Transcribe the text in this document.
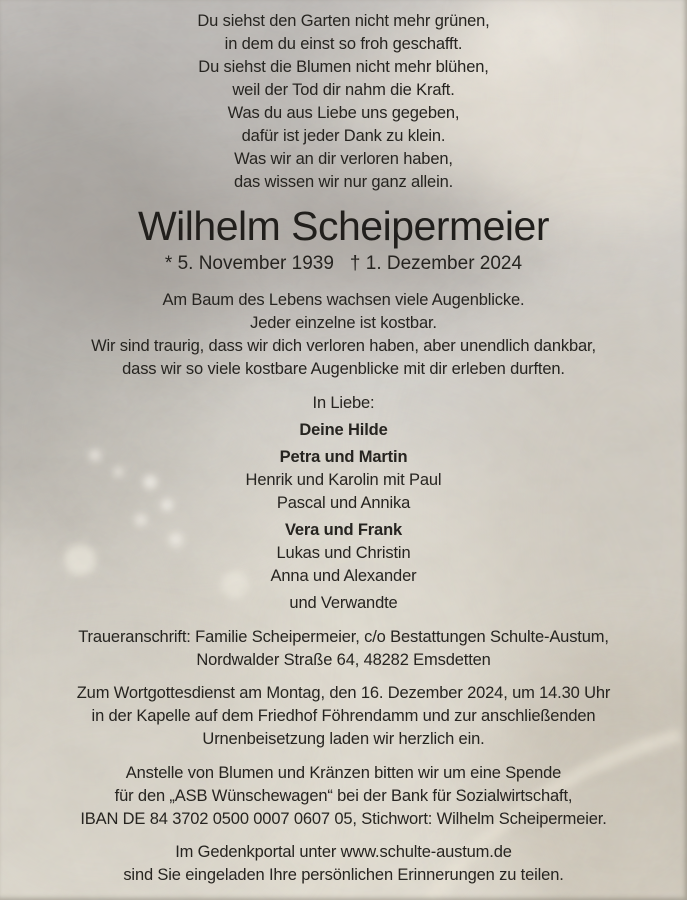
Du siehst den Garten nicht mehr grünen,
in dem du einst so froh geschafft.
Du siehst die Blumen nicht mehr blühen,
weil der Tod dir nahm die Kraft.
Was du aus Liebe uns gegeben,
dafür ist jeder Dank zu klein.
Was wir an dir verloren haben,
das wissen wir nur ganz allein.
Wilhelm Scheipermeier
* 5. November 1939 † 1. Dezember 2024
Am Baum des Lebens wachsen viele Augenblicke.
Jeder einzelne ist kostbar.
Wir sind traurig, dass wir dich verloren haben, aber unendlich dankbar,
dass wir so viele kostbare Augenblicke mit dir erleben durften.
In Liebe:
Deine Hilde
Petra und Martin
Henrik und Karolin mit Paul
Pascal und Annika
Vera und Frank
Lukas und Christin
Anna und Alexander
und Verwandte
Traueranschrift: Familie Scheipermeier, c/o Bestattungen Schulte-Austum,
Nordwalder Straße 64, 48282 Emsdetten
Zum Wortgottesdienst am Montag, den 16. Dezember 2024, um 14.30 Uhr
in der Kapelle auf dem Friedhof Föhrendamm und zur anschließenden
Urnenbeisetzung laden wir herzlich ein.
Anstelle von Blumen und Kränzen bitten wir um eine Spende
für den „ASB Wünschewagen“ bei der Bank für Sozialwirtschaft,
IBAN DE 84 3702 0500 0007 0607 05, Stichwort: Wilhelm Scheipermeier.
Im Gedenkportal unter www.schulte-austum.de
sind Sie eingeladen Ihre persönlichen Erinnerungen zu teilen.
